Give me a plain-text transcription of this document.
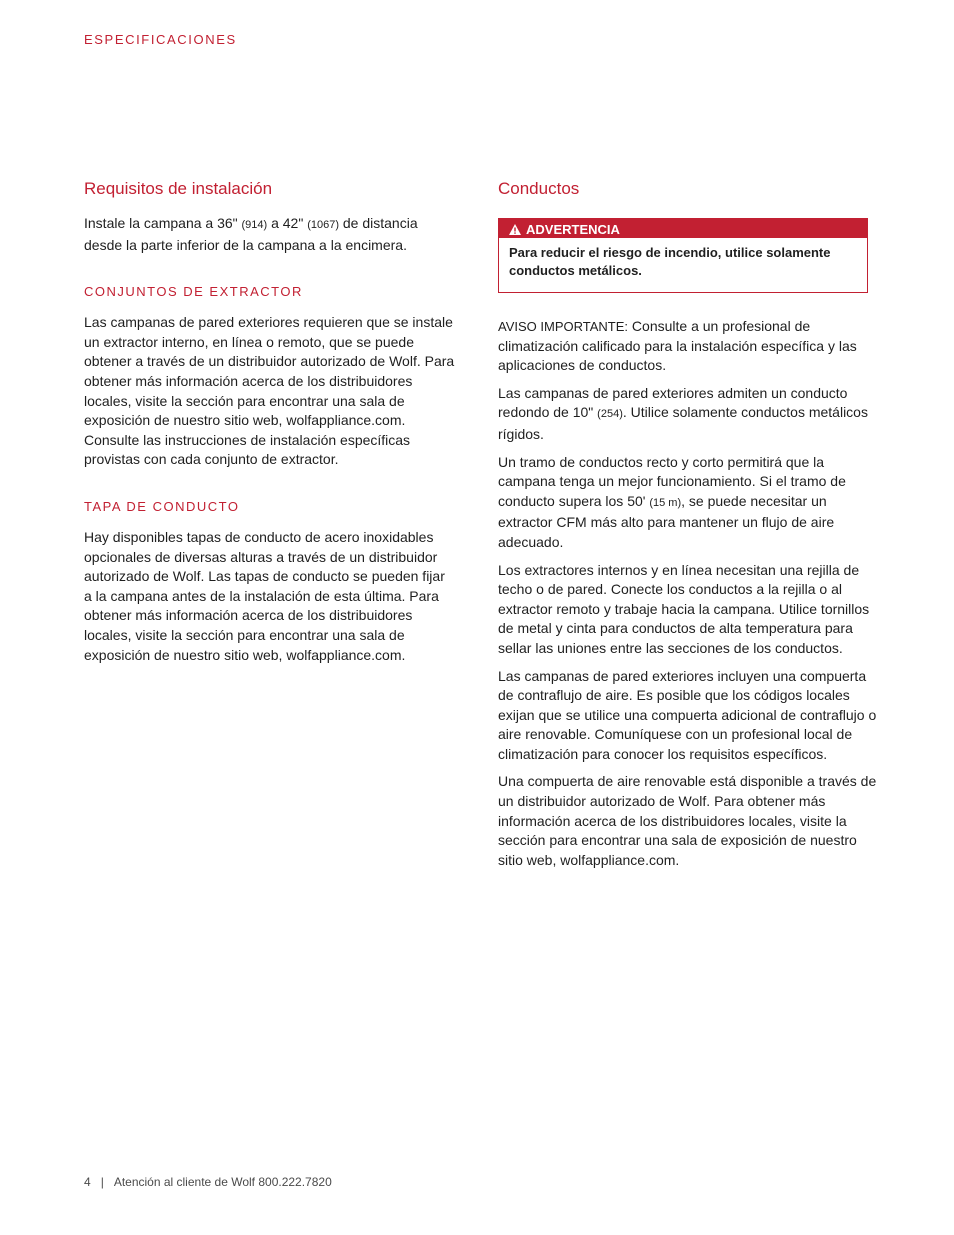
ESPECIFICACIONES
Requisitos de instalación

Instale la campana a 36" (914) a 42" (1067) de distancia desde la parte inferior de la campana a la encimera.

CONJUNTOS DE EXTRACTOR

Las campanas de pared exteriores requieren que se instale un extractor interno, en línea o remoto, que se puede obtener a través de un distribuidor autorizado de Wolf. Para obtener más información acerca de los distribuidores locales, visite la sección para encontrar una sala de exposición de nuestro sitio web, wolfappliance.com. Consulte las instrucciones de instalación específicas provistas con cada conjunto de extractor.

TAPA DE CONDUCTO

Hay disponibles tapas de conducto de acero inoxidables opcionales de diversas alturas a través de un distribuidor autorizado de Wolf. Las tapas de conducto se pueden fijar a la campana antes de la instalación de esta última. Para obtener más información acerca de los distribuidores locales, visite la sección para encontrar una sala de exposición de nuestro sitio web, wolfappliance.com.

Conductos
ADVERTENCIA
Para reducir el riesgo de incendio, utilice solamente conductos metálicos.

AVISO IMPORTANTE: Consulte a un profesional de climatización calificado para la instalación específica y las aplicaciones de conductos.

Las campanas de pared exteriores admiten un conducto redondo de 10" (254). Utilice solamente conductos metálicos rígidos.

Un tramo de conductos recto y corto permitirá que la campana tenga un mejor funcionamiento. Si el tramo de conducto supera los 50' (15 m), se puede necesitar un extractor CFM más alto para mantener un flujo de aire adecuado.

Los extractores internos y en línea necesitan una rejilla de techo o de pared. Conecte los conductos a la rejilla o al extractor remoto y trabaje hacia la campana. Utilice tornillos de metal y cinta para conductos de alta temperatura para sellar las uniones entre las secciones de los conductos.

Las campanas de pared exteriores incluyen una compuerta de contraflujo de aire. Es posible que los códigos locales exijan que se utilice una compuerta adicional de contraflujo o aire renovable. Comuníquese con un profesional local de climatización para conocer los requisitos específicos.

Una compuerta de aire renovable está disponible a través de un distribuidor autorizado de Wolf. Para obtener más información acerca de los distribuidores locales, visite la sección para encontrar una sala de exposición de nuestro sitio web, wolfappliance.com.

4 | Atención al cliente de Wolf 800.222.7820
